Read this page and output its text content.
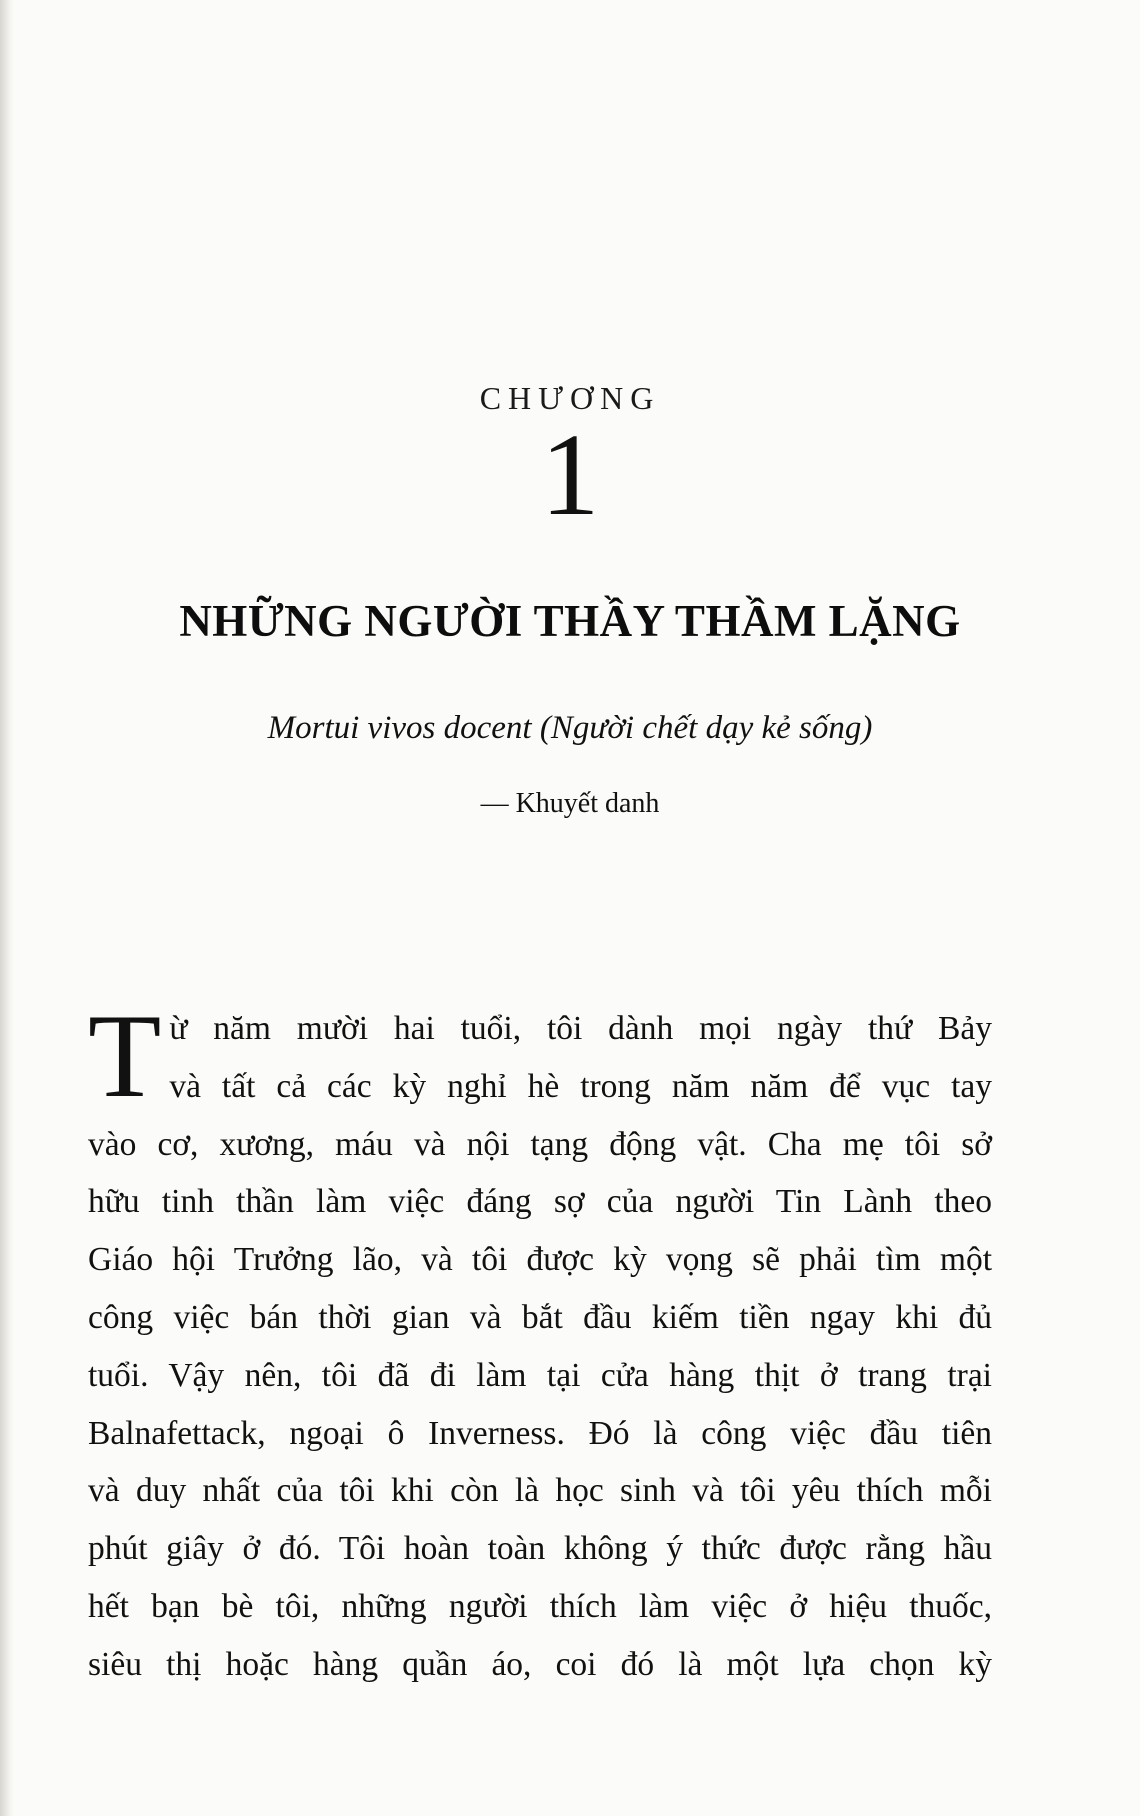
CHƯƠNG
1
NHỮNG NGƯỜI THẦY THẦM LẶNG
Mortui vivos docent (Người chết dạy kẻ sống)
— Khuyết danh
T ừ năm mười hai tuổi, tôi dành mọi ngày thứ Bảy
và tất cả các kỳ nghỉ hè trong năm năm để vục tay
vào cơ, xương, máu và nội tạng động vật. Cha mẹ tôi sở
hữu tinh thần làm việc đáng sợ của người Tin Lành theo
Giáo hội Trưởng lão, và tôi được kỳ vọng sẽ phải tìm một
công việc bán thời gian và bắt đầu kiếm tiền ngay khi đủ
tuổi. Vậy nên, tôi đã đi làm tại cửa hàng thịt ở trang trại
Balnafettack, ngoại ô Inverness. Đó là công việc đầu tiên
và duy nhất của tôi khi còn là học sinh và tôi yêu thích mỗi
phút giây ở đó. Tôi hoàn toàn không ý thức được rằng hầu
hết bạn bè tôi, những người thích làm việc ở hiệu thuốc,
siêu thị hoặc hàng quần áo, coi đó là một lựa chọn kỳ
